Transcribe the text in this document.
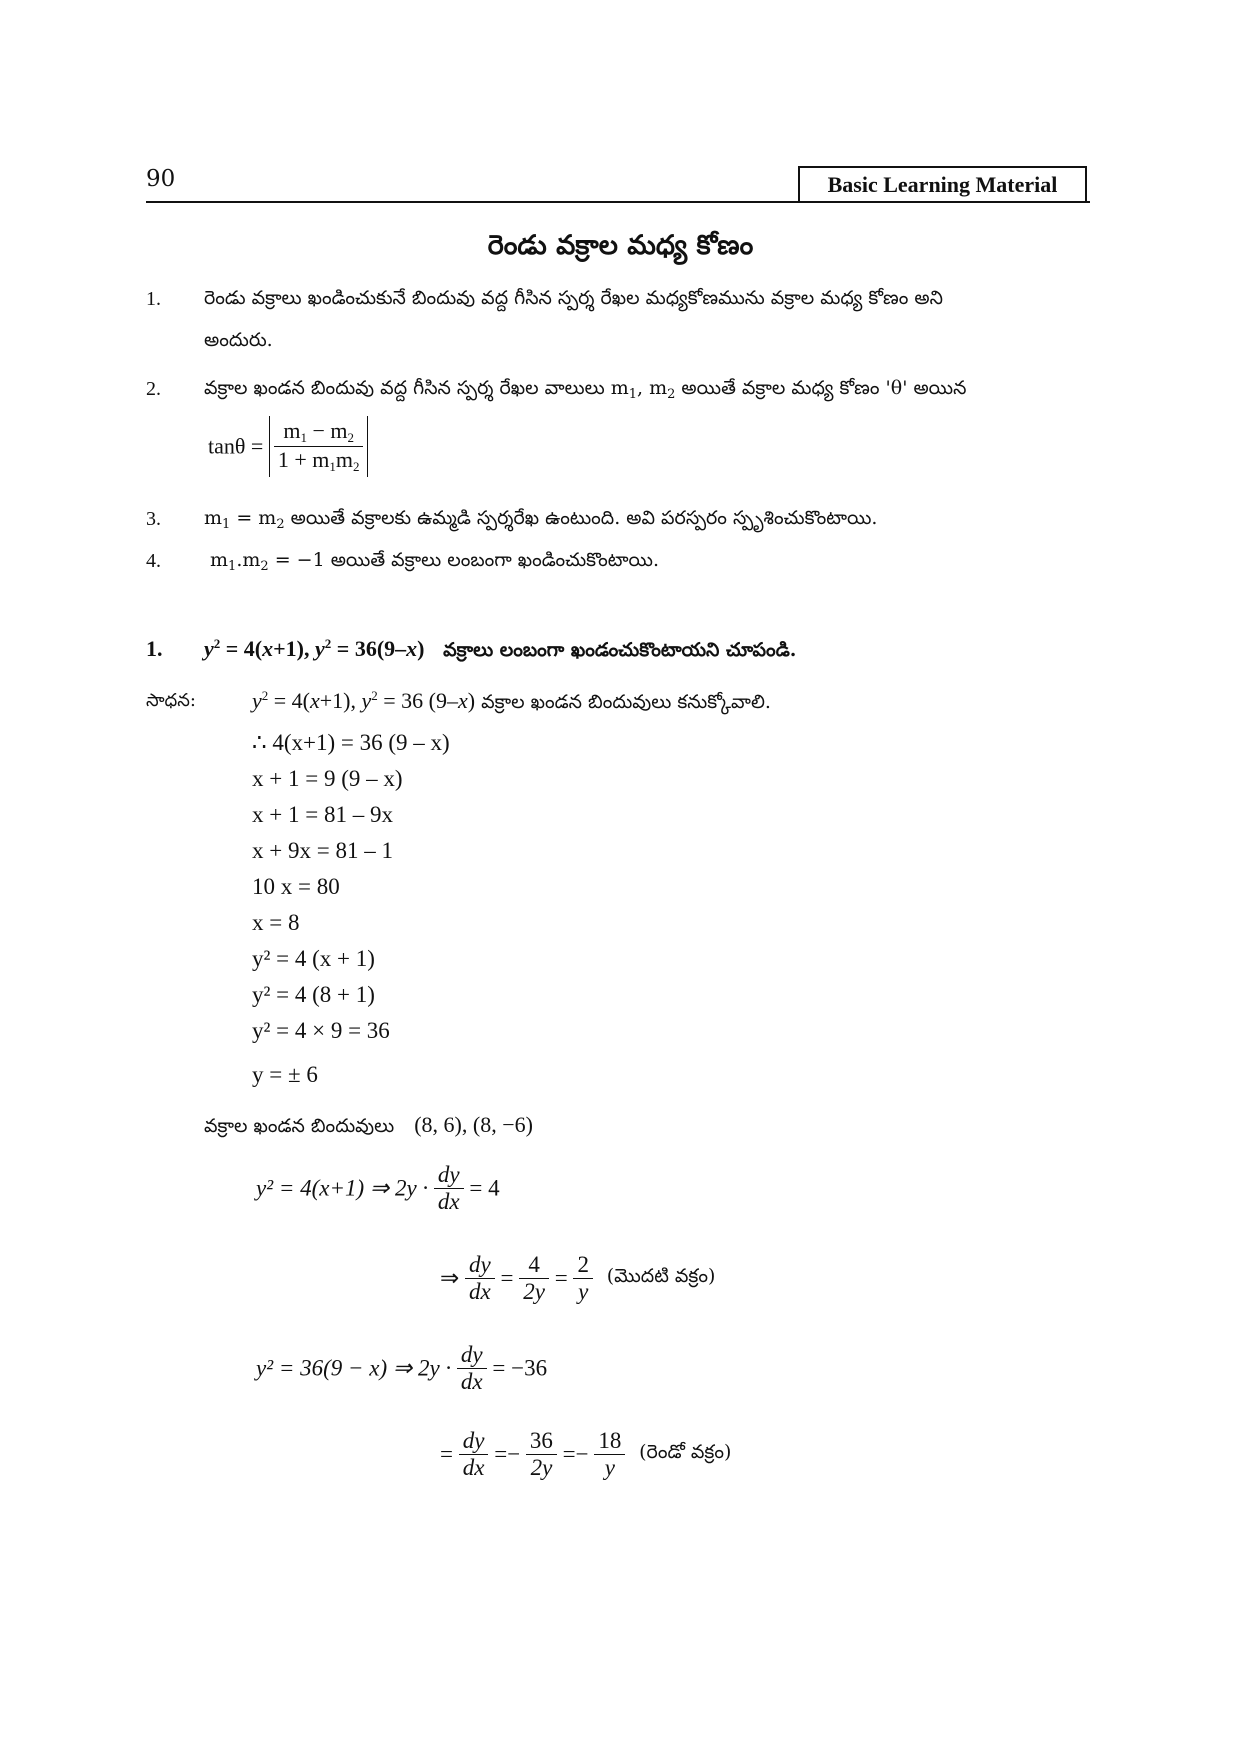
90	Basic Learning Material
రెండు వక్రాల మధ్య కోణం
1. రెండు వక్రాలు ఖండించుకునే బిందువు వద్ద గీసిన స్పర్శ రేఖల మధ్యకోణమును వక్రాల మధ్య కోణం అని
అందురు.
2. వక్రాల ఖండన బిందువు వద్ద గీసిన స్పర్శ రేఖల వాలులు $m_1$, $m_2$ అయితే వక్రాల మధ్య కోణం 'θ' అయిన
$\tan\theta = \frac{m_1 - m_2}{1 + m_1m_2}$
3. $m_1 = m_2$ అయితే వక్రాలకు ఉమ్మడి స్పర్శరేఖ ఉంటుంది. అవి పరస్పరం స్పృశించుకొంటాయి.
4.	$m_1.m_2 = -1$ అయితే వక్రాలు లంబంగా ఖండించుకొంటాయి.
1. $y^2 = 4(x+1)$, $y^2 = 36(9-x)$ వక్రాలు లంబంగా ఖండంచుకొంటాయని చూపండి.
సాధన:	$y^2 = 4(x+1)$, $y^2 = 36$ (9–x) వక్రాల ఖండన బిందువులు కనుక్కోవాలి.
∴ 4(x+1) = 36 (9 – x)
x + 1 = 9 (9 – x)
x + 1 = 81 – 9x
x + 9x = 81 – 1
10 x = 80
x = 8
y² = 4 (x + 1)
y² = 4 (8 + 1)
y² = 4 × 9 = 36
y = ± 6
వక్రాల ఖండన బిందువులు (8, 6), (8, −6)
y² = 4(x+1) ⇒ $2y \cdot \frac{dy}{dx} = 4$
⇒ $\frac{dy}{dx} = \frac{4}{2y} = \frac{2}{y}$ (మొదటి వక్రం)
y² = 36(9 − x) ⇒ $2y \cdot \frac{dy}{dx} = -36$
= $\frac{dy}{dx} =- \frac{36}{2y} =- \frac{18}{y}$ (రెండో వక్రం)
